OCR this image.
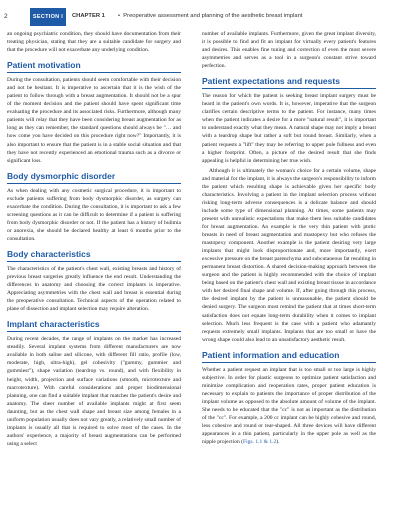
2	SECTION I	CHAPTER 1 •  Preoperative assessment and planning of the aesthetic breast implant

an ongoing psychiatric condition, they should have documentation from their treating physician, stating that they are a suitable candidate for surgery and that the procedure will not exacerbate any underlying condition.

Patient motivation

During the consultation, patients should seem comfortable with their decision and not be hesitant. It is imperative to ascertain that it is the wish of the patient to follow through with a breast augmentation. It should not be a spur of the moment decision and the patient should have spent significant time evaluating the procedure and its associated risks. Furthermore, although many patients will relay that they have been considering breast augmentation for as long as they can remember, the standard questions should always be "… and how come you have decided on this procedure right now?" Importantly, it is also important to ensure that the patient is in a stable social situation and that they have not recently experienced an emotional trauma such as a divorce or significant loss.

Body dysmorphic disorder

As when dealing with any cosmetic surgical procedure, it is important to exclude patients suffering from body dysmorphic disorder, as surgery can exacerbate the condition. During the consultation, it is important to ask a few screening questions as it can be difficult to determine if a patient is suffering from body dysmorphic disorder or not. If the patient has a history of bulimia or anorexia, she should be declared healthy at least 6 months prior to the consultation.

Body characteristics

The characteristics of the patient's chest wall, existing breasts and history of previous breast surgeries greatly influence the end result. Understanding the differences in anatomy and choosing the correct implants is imperative. Appreciating asymmetries with the chest wall and breast is essential during the preoperative consultation. Technical aspects of the operation related to plane of dissection and implant selection may require alteration.

Implant characteristics

During recent decades, the range of implants on the market has increased steadily. Several implant systems from different manufacturers are now available in both saline and silicone, with different fill ratio, profile (low, moderate, high, ultra-high), gel cohesivity ("gummy, gummier and gummiest"), shape variation (teardrop vs. round), and with flexibility in height, width, projection and surface variations (smooth, microtexture and macrotexture). With careful considerations and proper biodimensional planning, one can find a suitable implant that matches the patient's desire and anatomy. The sheer number of available implants might at first seem daunting, but as the chest wall shape and breast size among females in a uniform population usually does not vary greatly, a relatively small number of implants is usually all that is required to solve most of the cases. In the authors' experience, a majority of breast augmentations can be performed using a select

number of available implants. Furthermore, given the great implant diversity, it is possible to find and fit an implant for virtually every patient's features and desires. This enables fine tuning and correction of even the most severe asymmetries and serves as a tool in a surgeon's constant strive toward perfection.

Patient expectations and requests

The reason for which the patient is seeking breast implant surgery must be heard in the patient's own words. It is, however, imperative that the surgeon clarifies certain descriptive terms to the patient. For instance, many times when the patient indicates a desire for a more "natural result", it is important to understand exactly what they mean. A natural shape may not imply a breast with a teardrop shape but rather a soft but round breast. Similarly, when a patient requests a "lift" they may be referring to upper pole fullness and even a higher footprint. Often, a picture of the desired result that she finds appealing is helpful in determining her true wish.

Although it is ultimately the woman's choice for a certain volume, shape and material for the implant, it is always the surgeon's responsibility to inform the patient which resulting shape is achievable given her specific body characteristics. Involving a patient in the implant selection process without risking long-term adverse consequences is a delicate balance and should include some type of dimensional planning. At times, some patients may present with unrealistic expectations that make them less suitable candidates for breast augmentation. An example is the very thin patient with ptotic breasts in need of breast augmentation and mastopexy but who refuses the mastopexy component. Another example is the patient desiring very large implants that might look disproportionate and, more importantly, exert excessive pressure on the breast parenchyma and subcutaneous fat resulting in permanent breast distortion. A shared decision-making approach between the surgeon and the patient is highly recommended with the choice of implant being based on the patient's chest wall and existing breast tissue in accordance with her desired final shape and volume. If, after going through this process, the desired implant by the patient is unreasonable, the patient should be denied surgery. The surgeon must remind the patient that at times short-term satisfaction does not equate long-term durability when it comes to implant selection. Much less frequent is the case with a patient who adamantly requests extremely small implants. Implants that are too small or have the wrong shape could also lead to an unsatisfactory aesthetic result.

Patient information and education

Whether a patient request an implant that is too small or too large is highly subjective. In order for plastic surgeons to optimize patient satisfaction and minimize complication and reoperation rates, proper patient education is necessary to explain to patients the importance of proper distribution of the implant volume as opposed to the absolute amount of volume of the implant. She needs to be educated that the "cc" is not as important as the distribution of the "cc". For example, a 200 cc implant can be highly cohesive and round, less cohesive and round or tear-shaped. All three devices will have different appearances in a thin patient, particularly in the upper pole as well as the nipple projection (Figs. 1.1 & 1.2).
